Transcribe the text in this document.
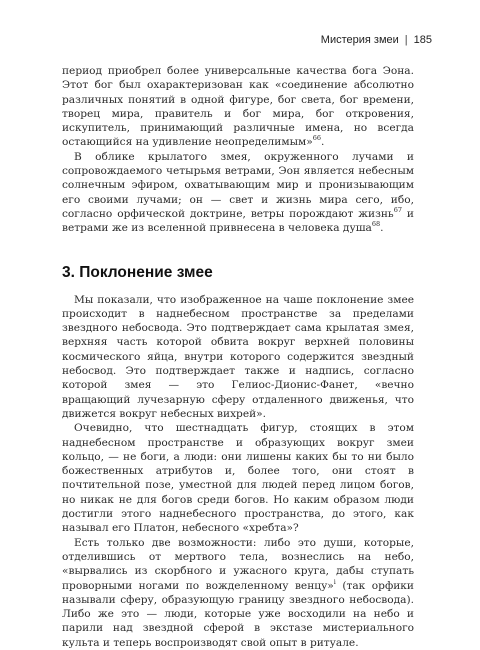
Мистерия змеи | 185

период приобрел более универсальные качества бога Эона. Этот бог был охарактеризован как «соединение абсолютно различных понятий в одной фигуре, бог света, бог времени, творец мира, правитель и бог мира, бог откровения, искупитель, принимающий различные имена, но всегда остающийся на удивление неопределимым»$^{66}$.

В облике крылатого змея, окруженного лучами и сопровождаемого четырьмя ветрами, Эон является небесным солнечным эфиром, охватывающим мир и пронизывающим его своими лучами; он — свет и жизнь мира сего, ибо, согласно орфической доктрине, ветры порождают жизнь$^{67}$ и ветрами же из вселенной привнесена в человека душа$^{68}$.

3. Поклонение змее

Мы показали, что изображенное на чаше поклонение змее происходит в наднебесном пространстве за пределами звездного небосвода. Это подтверждает сама крылатая змея, верхняя часть которой обвита вокруг верхней половины космического яйца, внутри которого содержится звездный небосвод. Это подтверждает также и надпись, согласно которой змея — это Гелиос-Дионис-Фанет, «вечно вращающий лучезарную сферу отдаленного движенья, что движется вокруг небесных вихрей».

Очевидно, что шестнадцать фигур, стоящих в этом наднебесном пространстве и образующих вокруг змеи кольцо, — не боги, а люди: они лишены каких бы то ни было божественных атрибутов и, более того, они стоят в почтительной позе, уместной для людей перед лицом богов, но никак не для богов среди богов. Но каким образом люди достигли этого наднебесного пространства, до этого, как называл его Платон, небесного «хребта»?

Есть только две возможности: либо это души, которые, отделившись от мертвого тела, вознеслись на небо, «вырвались из скорбного и ужасного круга, дабы ступать проворными ногами по вожделенному венцу»$^i$ (так орфики называли сферу, образующую границу звездного небосвода). Либо же это — люди, которые уже восходили на небо и парили над звездной сферой в экстазе мистериального культа и теперь воспроизводят свой опыт в ритуале.
